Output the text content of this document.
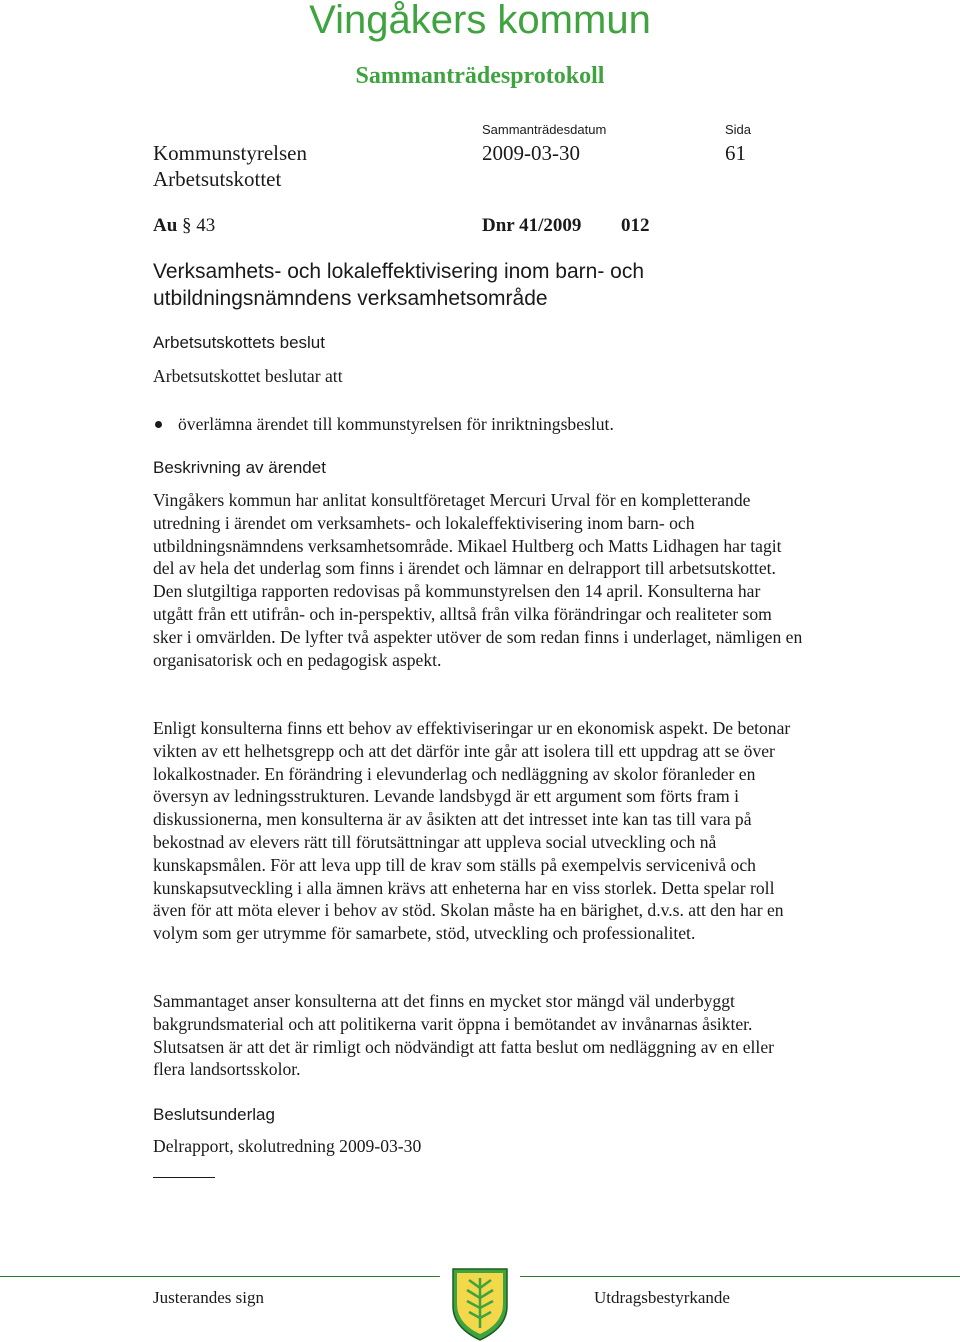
Vingåkers kommun
Sammanträdesprotokoll
Sammanträdesdatum	Sida
Kommunstyrelsen
Arbetsutskottet
2009-03-30	61
Au § 43	Dnr 41/2009 012
Verksamhets- och lokaleffektivisering inom barn- och
utbildningsnämndens verksamhetsområde
Arbetsutskottets beslut
Arbetsutskottet beslutar att
överlämna ärendet till kommunstyrelsen för inriktningsbeslut.
Beskrivning av ärendet
Vingåkers kommun har anlitat konsultföretaget Mercuri Urval för en kompletterande utredning i ärendet om verksamhets- och lokaleffektivisering inom barn- och utbildningsnämndens verksamhetsområde. Mikael Hultberg och Matts Lidhagen har tagit del av hela det underlag som finns i ärendet och lämnar en delrapport till arbetsutskottet. Den slutgiltiga rapporten redovisas på kommunstyrelsen den 14 april. Konsulterna har utgått från ett utifrån- och in-perspektiv, alltså från vilka förändringar och realiteter som sker i omvärlden. De lyfter två aspekter utöver de som redan finns i underlaget, nämligen en organisatorisk och en pedagogisk aspekt.
Enligt konsulterna finns ett behov av effektiviseringar ur en ekonomisk aspekt. De betonar vikten av ett helhetsgrepp och att det därför inte går att isolera till ett uppdrag att se över lokalkostnader. En förändring i elevunderlag och nedläggning av skolor föranleder en översyn av ledningsstrukturen. Levande landsbygd är ett argument som förts fram i diskussionerna, men konsulterna är av åsikten att det intresset inte kan tas till vara på bekostnad av elevers rätt till förutsättningar att uppleva social utveckling och nå kunskapsmålen. För att leva upp till de krav som ställs på exempelvis servicenivå och kunskapsutveckling i alla ämnen krävs att enheterna har en viss storlek. Detta spelar roll även för att möta elever i behov av stöd. Skolan måste ha en bärighet, d.v.s. att den har en volym som ger utrymme för samarbete, stöd, utveckling och professionalitet.
Sammantaget anser konsulterna att det finns en mycket stor mängd väl underbyggt bakgrundsmaterial och att politikerna varit öppna i bemötandet av invånarnas åsikter. Slutsatsen är att det är rimligt och nödvändigt att fatta beslut om nedläggning av en eller flera landsortsskolor.
Beslutsunderlag
Delrapport, skolutredning 2009-03-30
Justerandes sign	Utdragsbestyrkande
